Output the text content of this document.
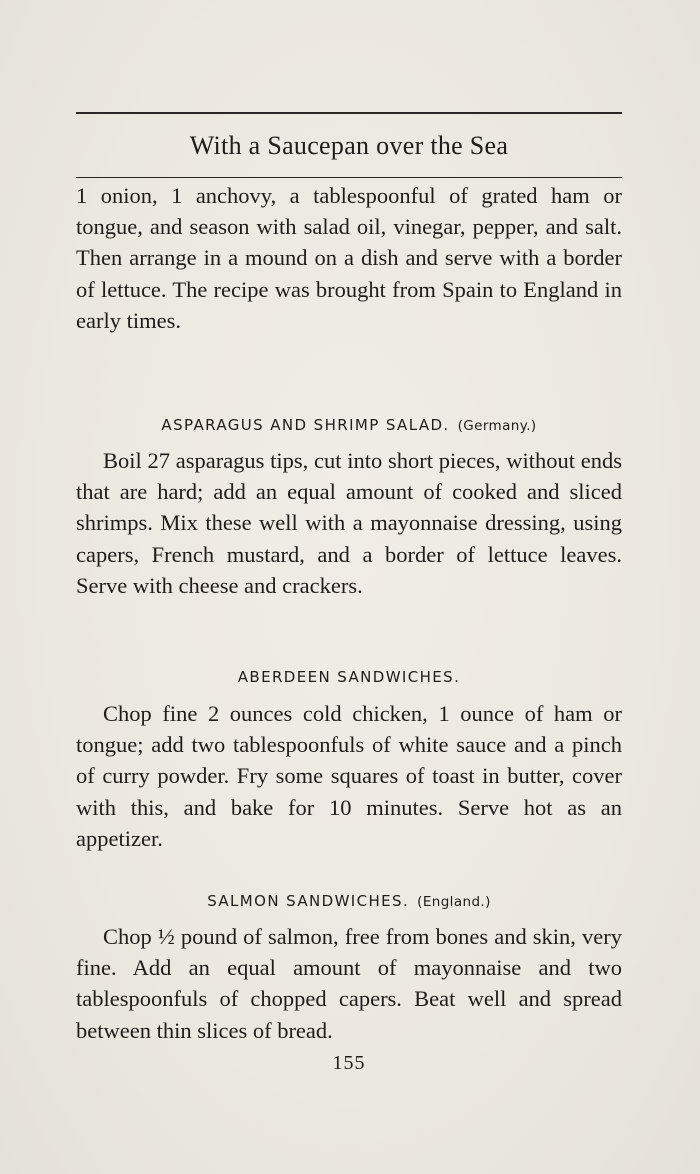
With a Saucepan over the Sea

1 onion, 1 anchovy, a tablespoonful of grated ham or tongue, and season with salad oil, vinegar, pepper, and salt. Then arrange in a mound on a dish and serve with a border of lettuce. The recipe was brought from Spain to England in early times.

ASPARAGUS AND SHRIMP SALAD. (Germany.)

Boil 27 asparagus tips, cut into short pieces, without ends that are hard; add an equal amount of cooked and sliced shrimps. Mix these well with a mayonnaise dressing, using capers, French mustard, and a border of lettuce leaves. Serve with cheese and crackers.

ABERDEEN SANDWICHES.

Chop fine 2 ounces cold chicken, 1 ounce of ham or tongue; add two tablespoonfuls of white sauce and a pinch of curry powder. Fry some squares of toast in butter, cover with this, and bake for 10 minutes. Serve hot as an appetizer.

SALMON SANDWICHES. (England.)

Chop ½ pound of salmon, free from bones and skin, very fine. Add an equal amount of mayonnaise and two tablespoonfuls of chopped capers. Beat well and spread between thin slices of bread.

155
